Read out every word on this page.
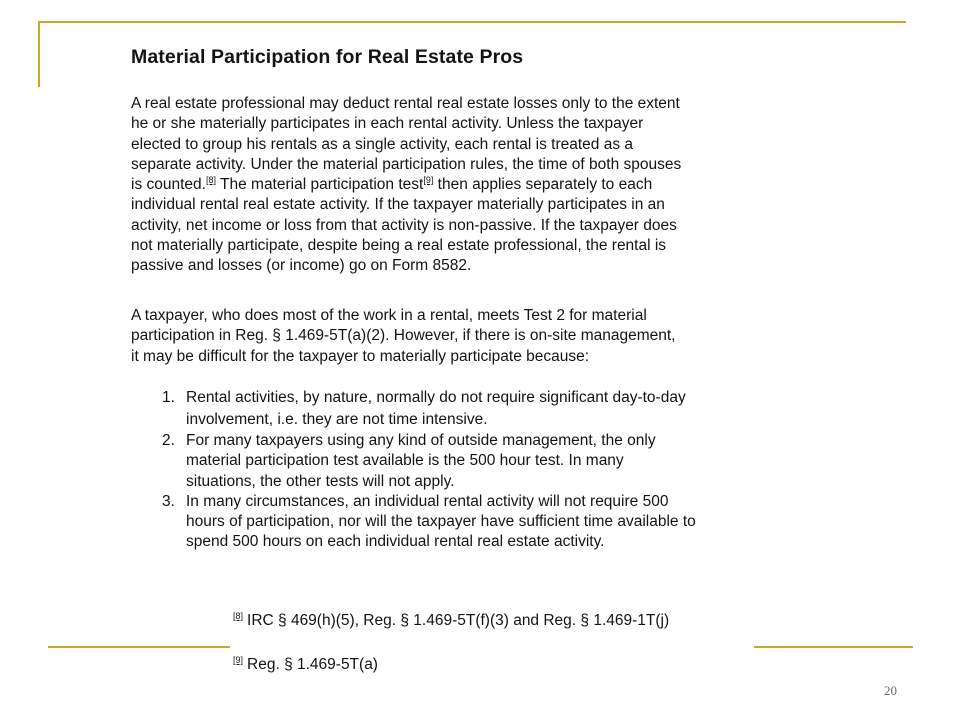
Material Participation for Real Estate Pros

A real estate professional may deduct rental real estate losses only to the extent
he or she materially participates in each rental activity. Unless the taxpayer
elected to group his rentals as a single activity, each rental is treated as a
separate activity. Under the material participation rules, the time of both spouses
is counted.[8] The material participation test[9] then applies separately to each
individual rental real estate activity. If the taxpayer materially participates in an
activity, net income or loss from that activity is non-passive. If the taxpayer does
not materially participate, despite being a real estate professional, the rental is
passive and losses (or income) go on Form 8582.

A taxpayer, who does most of the work in a rental, meets Test 2 for material
participation in Reg. § 1.469-5T(a)(2). However, if there is on-site management,
it may be difficult for the taxpayer to materially participate because:

1. Rental activities, by nature, normally do not require significant day-to-day
involvement, i.e. they are not time intensive.
2. For many taxpayers using any kind of outside management, the only
material participation test available is the 500 hour test. In many
situations, the other tests will not apply.
3. In many circumstances, an individual rental activity will not require 500
hours of participation, nor will the taxpayer have sufficient time available to
spend 500 hours on each individual rental real estate activity.

[8] IRC § 469(h)(5), Reg. § 1.469-5T(f)(3) and Reg. § 1.469-1T(j)

[9] Reg. § 1.469-5T(a)

20
